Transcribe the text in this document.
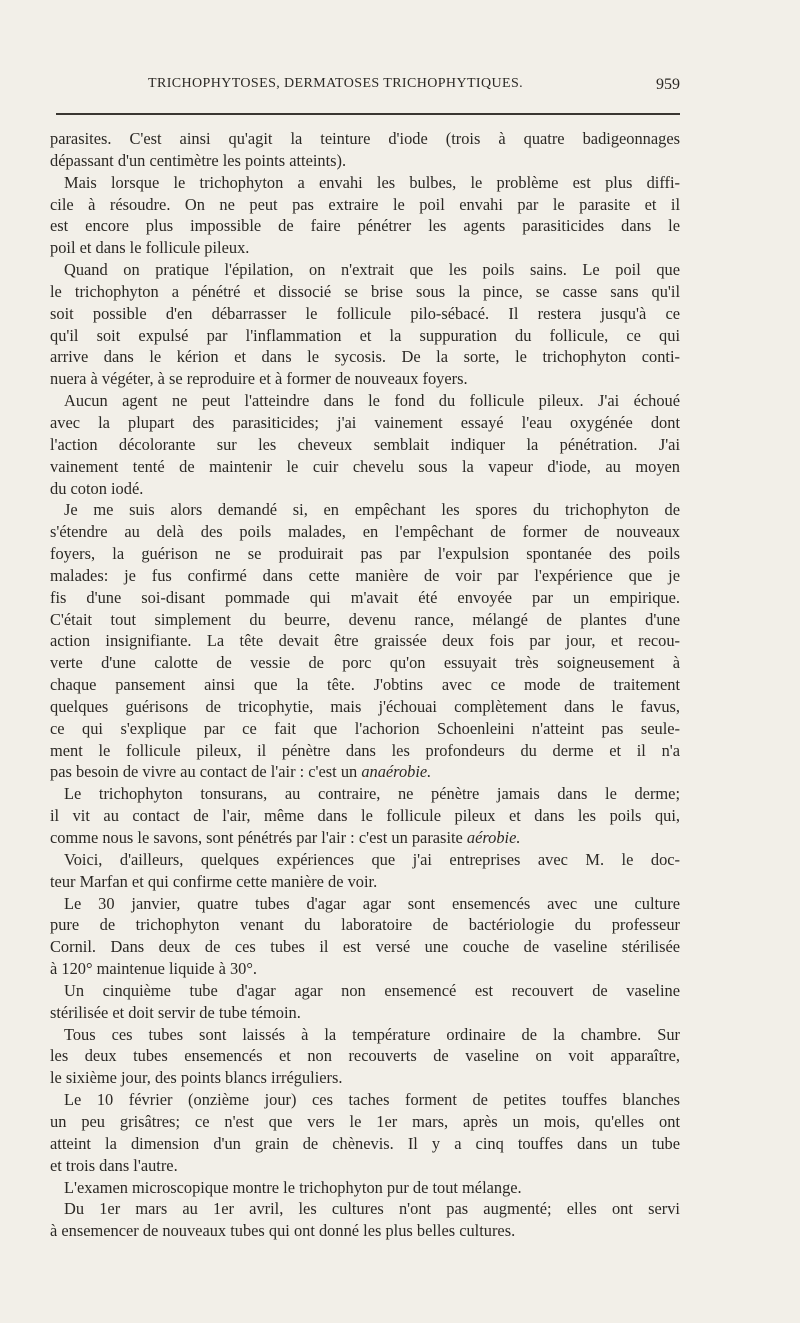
TRICHOPHYTOSES, DERMATOSES TRICHOPHYTIQUES.	959
parasites. C'est ainsi qu'agit la teinture d'iode (trois à quatre badigeonnages
dépassant d'un centimètre les points atteints).
Mais lorsque le trichophyton a envahi les bulbes, le problème est plus diffi-
cile à résoudre. On ne peut pas extraire le poil envahi par le parasite et il
est encore plus impossible de faire pénétrer les agents parasiticides dans le
poil et dans le follicule pileux.
Quand on pratique l'épilation, on n'extrait que les poils sains. Le poil que
le trichophyton a pénétré et dissocié se brise sous la pince, se casse sans qu'il
soit possible d'en débarrasser le follicule pilo-sébacé. Il restera jusqu'à ce
qu'il soit expulsé par l'inflammation et la suppuration du follicule, ce qui
arrive dans le kérion et dans le sycosis. De la sorte, le trichophyton conti-
nuera à végéter, à se reproduire et à former de nouveaux foyers.
Aucun agent ne peut l'atteindre dans le fond du follicule pileux. J'ai échoué
avec la plupart des parasiticides; j'ai vainement essayé l'eau oxygénée dont
l'action décolorante sur les cheveux semblait indiquer la pénétration. J'ai
vainement tenté de maintenir le cuir chevelu sous la vapeur d'iode, au moyen
du coton iodé.
Je me suis alors demandé si, en empêchant les spores du trichophyton de
s'étendre au delà des poils malades, en l'empêchant de former de nouveaux
foyers, la guérison ne se produirait pas par l'expulsion spontanée des poils
malades: je fus confirmé dans cette manière de voir par l'expérience que je
fis d'une soi-disant pommade qui m'avait été envoyée par un empirique.
C'était tout simplement du beurre, devenu rance, mélangé de plantes d'une
action insignifiante. La tête devait être graissée deux fois par jour, et recou-
verte d'une calotte de vessie de porc qu'on essuyait très soigneusement à
chaque pansement ainsi que la tête. J'obtins avec ce mode de traitement
quelques guérisons de tricophytie, mais j'échouai complètement dans le favus,
ce qui s'explique par ce fait que l'achorion Schoenleini n'atteint pas seule-
ment le follicule pileux, il pénètre dans les profondeurs du derme et il n'a
pas besoin de vivre au contact de l'air : c'est un anaérobie.
Le trichophyton tonsurans, au contraire, ne pénètre jamais dans le derme;
il vit au contact de l'air, même dans le follicule pileux et dans les poils qui,
comme nous le savons, sont pénétrés par l'air : c'est un parasite aérobie.
Voici, d'ailleurs, quelques expériences que j'ai entreprises avec M. le doc-
teur Marfan et qui confirme cette manière de voir.
Le 30 janvier, quatre tubes d'agar agar sont ensemencés avec une culture
pure de trichophyton venant du laboratoire de bactériologie du professeur
Cornil. Dans deux de ces tubes il est versé une couche de vaseline stérilisée
à 120° maintenue liquide à 30°.
Un cinquième tube d'agar agar non ensemencé est recouvert de vaseline
stérilisée et doit servir de tube témoin.
Tous ces tubes sont laissés à la température ordinaire de la chambre. Sur
les deux tubes ensemencés et non recouverts de vaseline on voit apparaître,
le sixième jour, des points blancs irréguliers.
Le 10 février (onzième jour) ces taches forment de petites touffes blanches
un peu grisâtres; ce n'est que vers le 1er mars, après un mois, qu'elles ont
atteint la dimension d'un grain de chènevis. Il y a cinq touffes dans un tube
et trois dans l'autre.
L'examen microscopique montre le trichophyton pur de tout mélange.
Du 1er mars au 1er avril, les cultures n'ont pas augmenté; elles ont servi
à ensemencer de nouveaux tubes qui ont donné les plus belles cultures.
